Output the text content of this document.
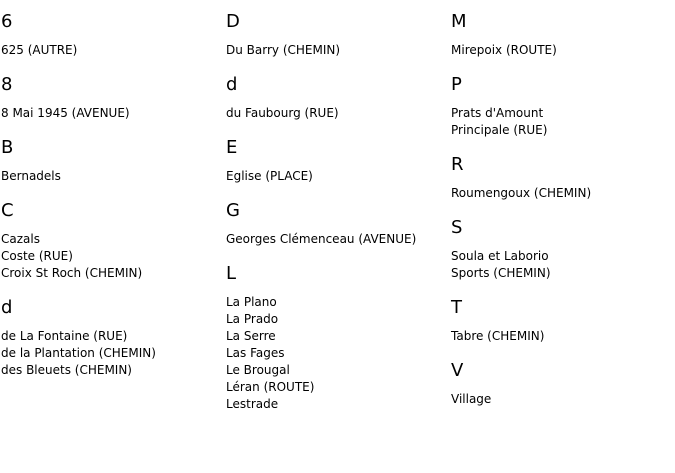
6
625 (AUTRE)
8
8 Mai 1945 (AVENUE)
B
Bernadels
C
Cazals
Coste (RUE)
Croix St Roch (CHEMIN)
d
de La Fontaine (RUE)
de la Plantation (CHEMIN)
des Bleuets (CHEMIN)
D
Du Barry (CHEMIN)
d
du Faubourg (RUE)
E
Eglise (PLACE)
G
Georges Clémenceau (AVENUE)
L
La Plano
La Prado
La Serre
Las Fages
Le Brougal
Léran (ROUTE)
Lestrade
M
Mirepoix (ROUTE)
P
Prats d'Amount
Principale (RUE)
R
Roumengoux (CHEMIN)
S
Soula et Laborio
Sports (CHEMIN)
T
Tabre (CHEMIN)
V
Village
